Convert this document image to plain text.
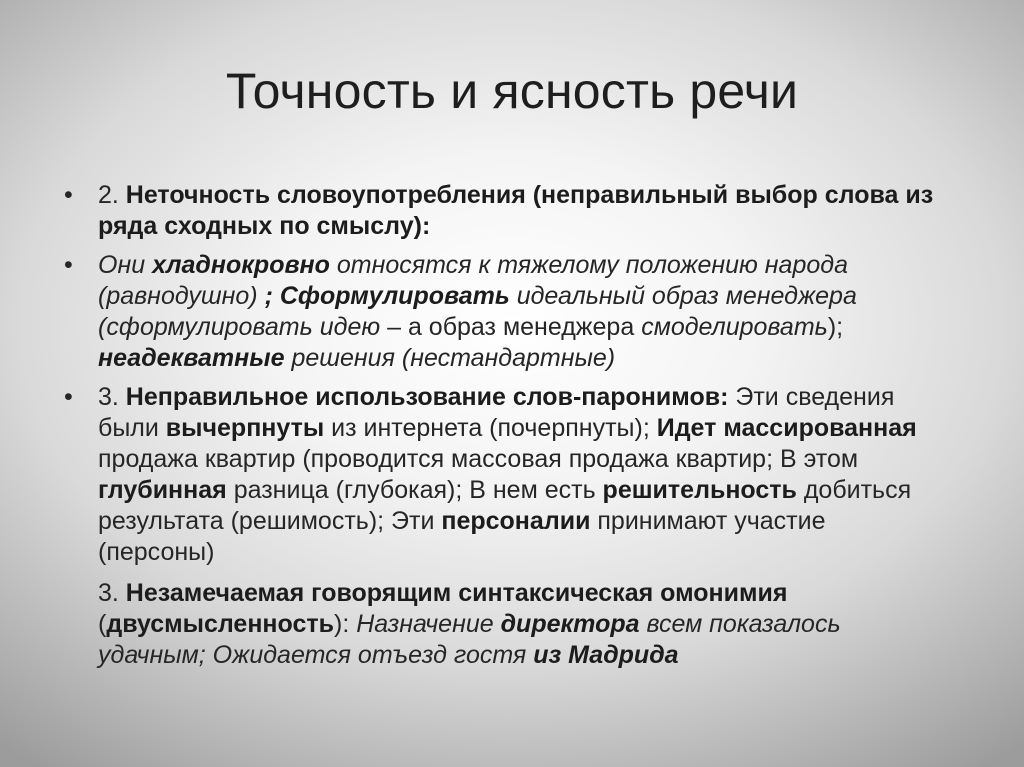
Точность и ясность речи
•	2. Неточность словоупотребления (неправильный выбор слова из ряда сходных по смыслу):
•	Они хладнокровно относятся к тяжелому положению народа (равнодушно) ; Сформулировать идеальный образ менеджера (сформулировать идею – а образ менеджера смоделировать); неадекватные решения (нестандартные)
•	3. Неправильное использование слов-паронимов: Эти сведения были вычерпнуты из интернета (почерпнуты); Идет массированная продажа квартир (проводится массовая продажа квартир; В этом глубинная разница (глубокая); В нем есть решительность добиться результата (решимость); Эти персоналии принимают участие (персоны)
3. Незамечаемая говорящим синтаксическая омонимия (двусмысленность): Назначение директора всем показалось удачным; Ожидается отъезд гостя из Мадрида
